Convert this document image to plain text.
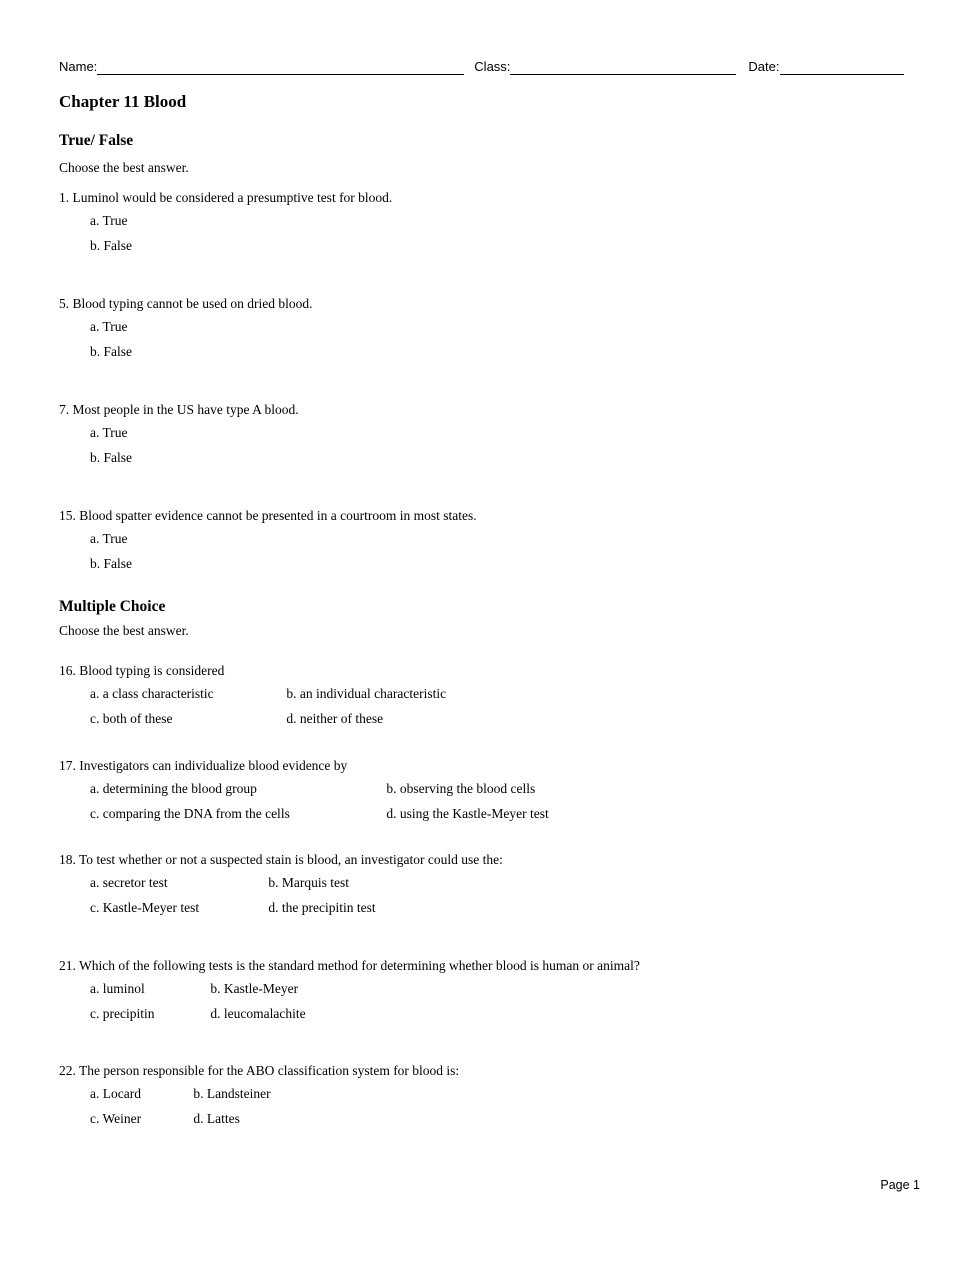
Name:	Class:	Date:
Chapter 11 Blood
True/ False
Choose the best answer.
1. Luminol would be considered a presumptive test for blood.
a. True
b. False
5. Blood typing cannot be used on dried blood.
a. True
b. False
7. Most people in the US have type A blood.
a. True
b. False
15. Blood spatter evidence cannot be presented in a courtroom in most states.
a. True
b. False
Multiple Choice
Choose the best answer.
16. Blood typing is considered
a. a class characteristic	b. an individual characteristic
c. both of these	d. neither of these
17. Investigators can individualize blood evidence by
a. determining the blood group	b. observing the blood cells
c. comparing the DNA from the cells	d. using the Kastle-Meyer test
18. To test whether or not a suspected stain is blood, an investigator could use the:
a. secretor test	b. Marquis test
c. Kastle-Meyer test	d. the precipitin test
21. Which of the following tests is the standard method for determining whether blood is human or animal?
a. luminol	b. Kastle-Meyer
c. precipitin	d. leucomalachite
22. The person responsible for the ABO classification system for blood is:
a. Locard	b. Landsteiner
c. Weiner	d. Lattes
Page 1
